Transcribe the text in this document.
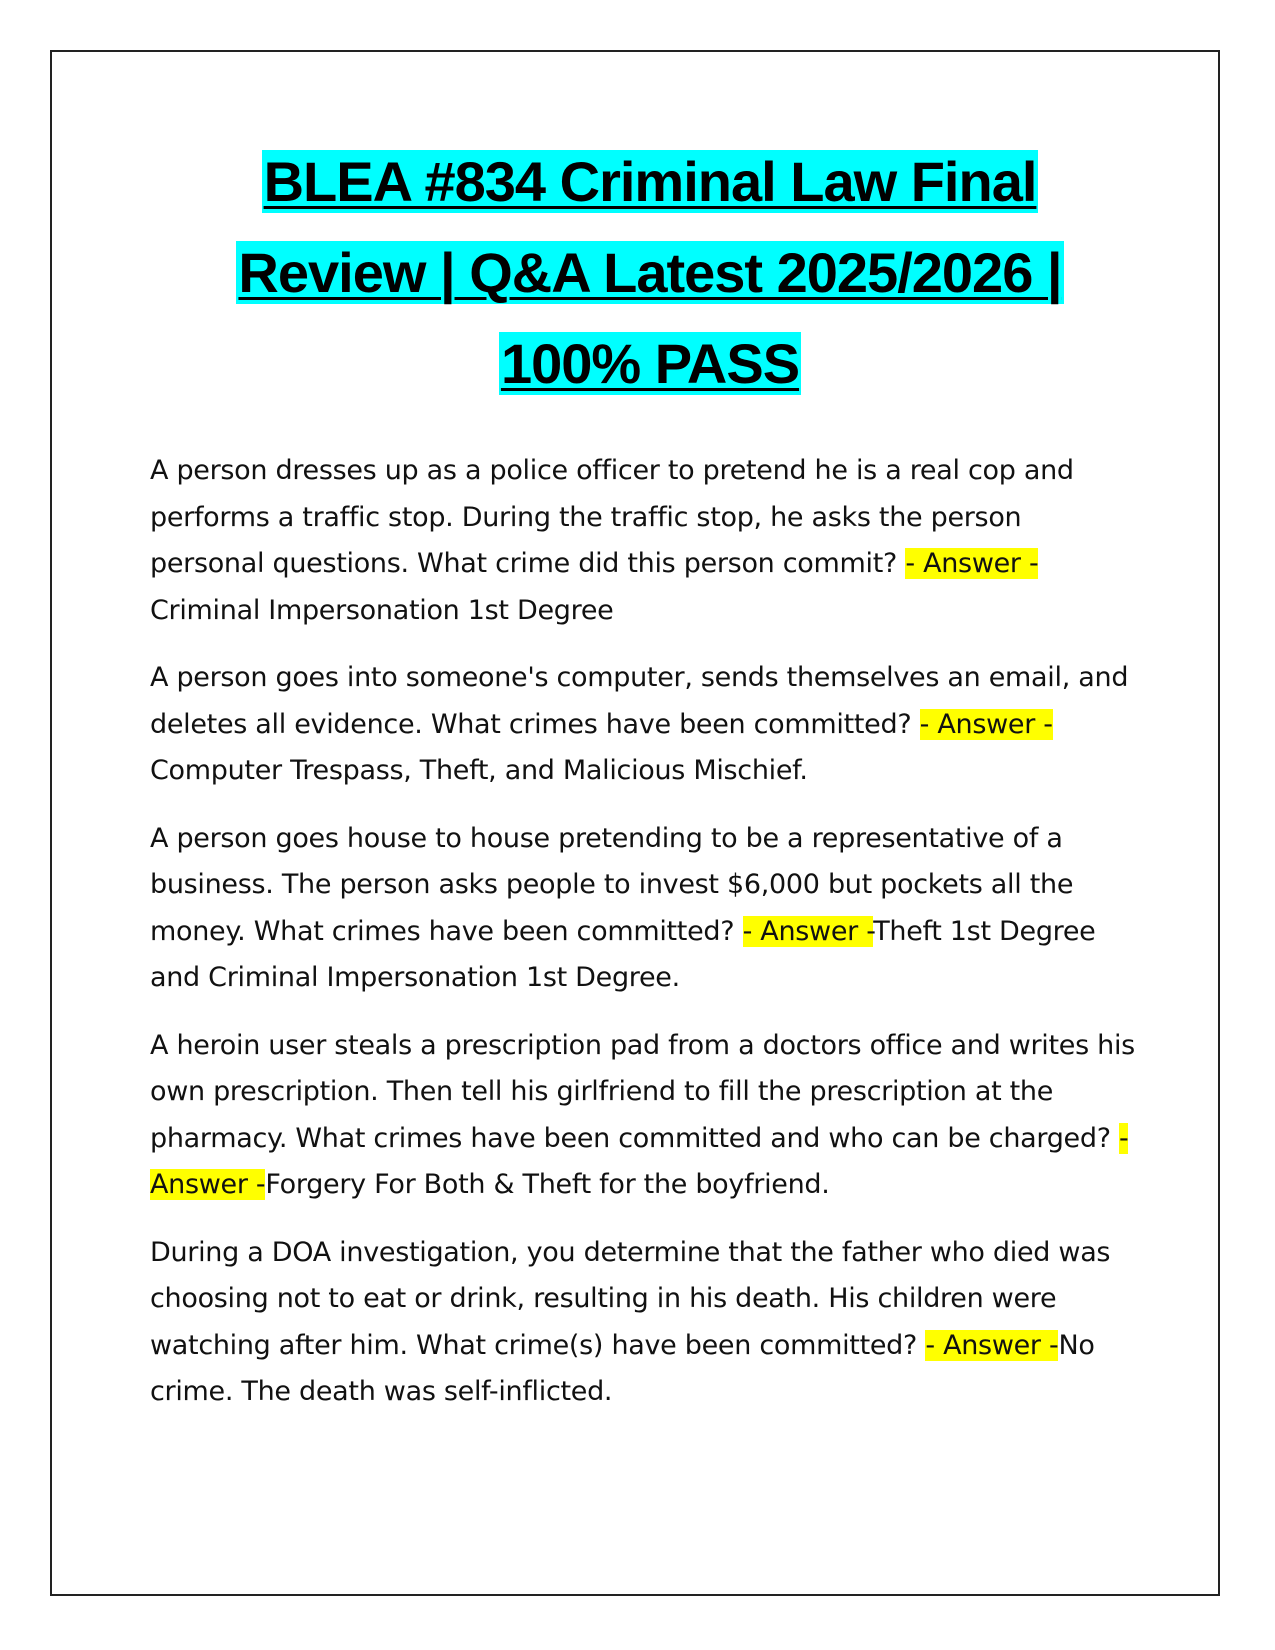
BLEA #834 Criminal Law Final
Review | Q&A Latest 2025/2026 |
100% PASS

A person dresses up as a police officer to pretend he is a real cop and performs a traffic stop. During the traffic stop, he asks the person personal questions. What crime did this person commit? - Answer - Criminal Impersonation 1st Degree

A person goes into someone's computer, sends themselves an email, and deletes all evidence. What crimes have been committed? - Answer - Computer Trespass, Theft, and Malicious Mischief.

A person goes house to house pretending to be a representative of a business. The person asks people to invest $6,000 but pockets all the money. What crimes have been committed? - Answer -Theft 1st Degree and Criminal Impersonation 1st Degree.

A heroin user steals a prescription pad from a doctors office and writes his own prescription. Then tell his girlfriend to fill the prescription at the pharmacy. What crimes have been committed and who can be charged? - Answer -Forgery For Both & Theft for the boyfriend.

During a DOA investigation, you determine that the father who died was choosing not to eat or drink, resulting in his death. His children were watching after him. What crime(s) have been committed? - Answer -No crime. The death was self-inflicted.
